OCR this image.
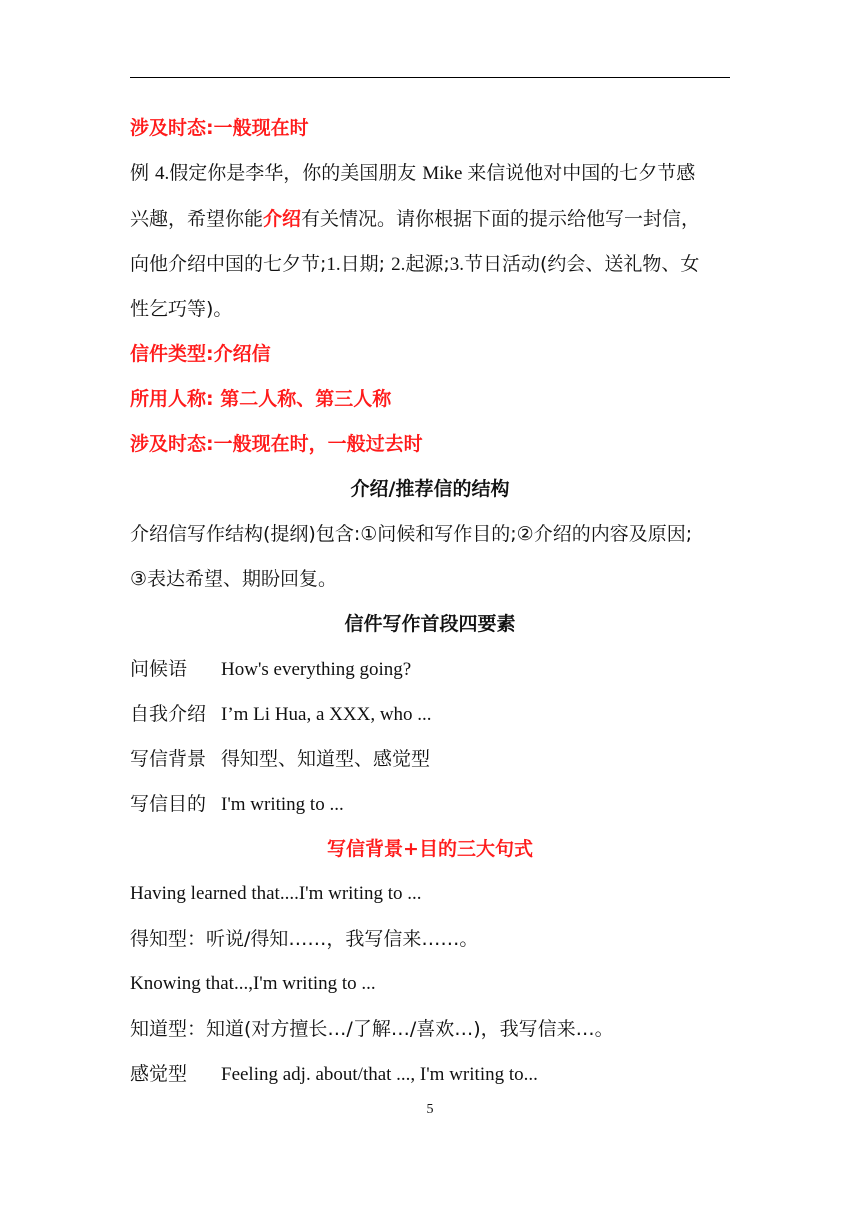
涉及时态:一般现在时
例 4.假定你是李华，你的美国朋友 Mike 来信说他对中国的七夕节感
兴趣，希望你能介绍有关情况。请你根据下面的提示给他写一封信，
向他介绍中国的七夕节;1.日期; 2.起源;3.节日活动(约会、送礼物、女
性乞巧等)。
信件类型:介绍信
所用人称: 第二人称、第三人称
涉及时态:一般现在时，一般过去时
介绍/推荐信的结构
介绍信写作结构(提纲)包含:①问候和写作目的;②介绍的内容及原因;
③表达希望、期盼回复。
信件写作首段四要素
问候语 How's everything going?
自我介绍 I’m Li Hua, a XXX, who ...
写信背景 得知型、知道型、感觉型
写信目的 I'm writing to ...
写信背景+目的三大句式
Having learned that....I'm writing to ...
得知型：听说/得知……，我写信来……。
Knowing that...,I'm writing to ...
知道型：知道(对方擅长…/了解…/喜欢…)，我写信来…。
感觉型 Feeling adj. about/that ..., I'm writing to...
5
